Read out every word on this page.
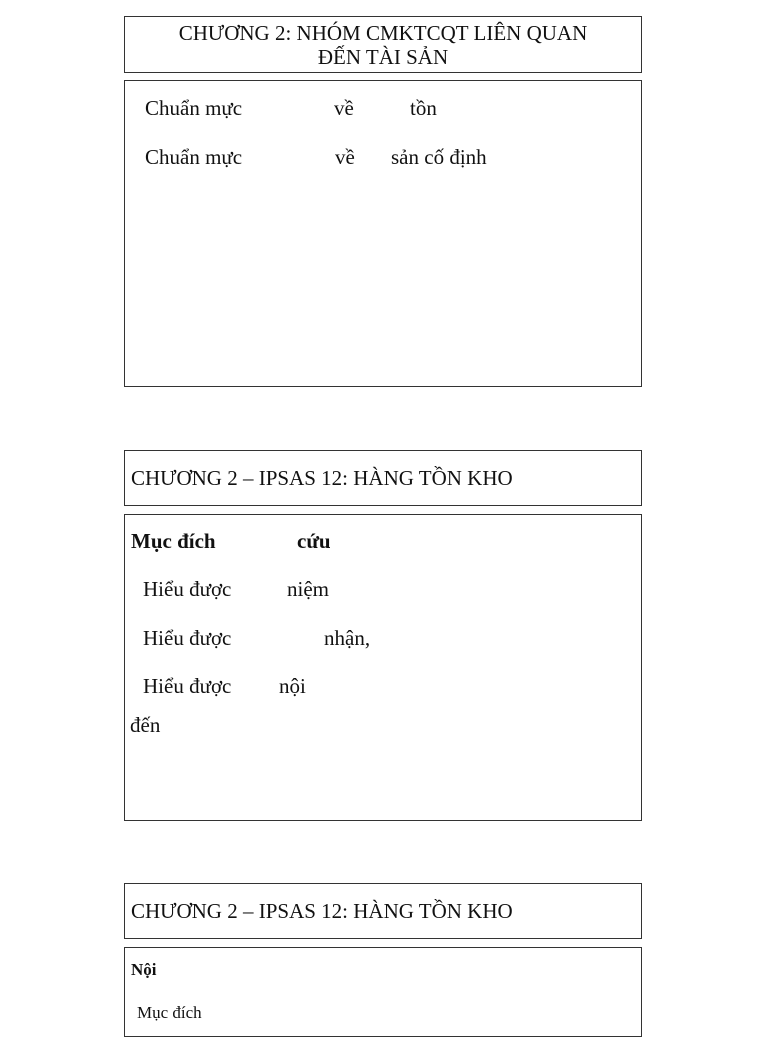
CHƯƠNG 2: NHÓM CMKTCQT LIÊN QUAN
ĐẾN TÀI SẢN
Chuẩn mực	về	tồn
Chuẩn mực	về sản cố định
CHƯƠNG 2 – IPSAS 12: HÀNG TỒN KHO
Mục đích	cứu
Hiểu được	niệm
Hiểu được	nhận,
Hiểu được nội
đến
CHƯƠNG 2 – IPSAS 12: HÀNG TỒN KHO
Nội
Mục đích
